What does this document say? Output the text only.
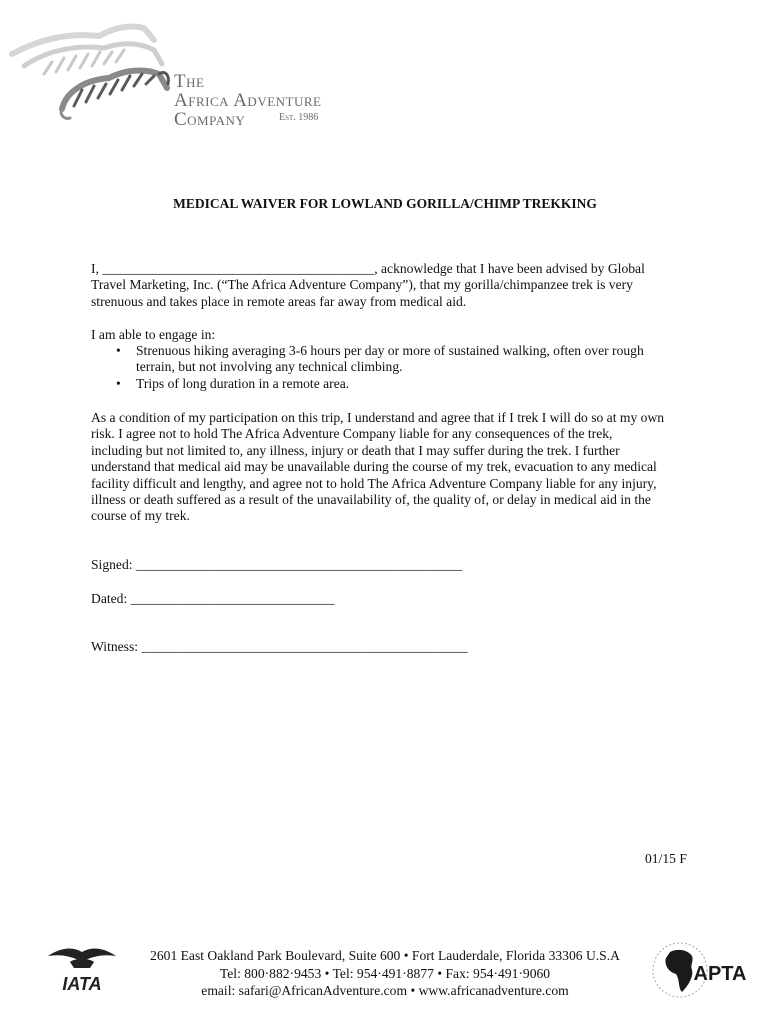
The
Africa Adventure
Company	Est. 1986
MEDICAL WAIVER FOR LOWLAND GORILLA/CHIMP TREKKING
I, ________________________________________, acknowledge that I have been advised by Global
Travel Marketing, Inc. (“The Africa Adventure Company”), that my gorilla/chimpanzee trek is very
strenuous and takes place in remote areas far away from medical aid.
I am able to engage in:
• Strenuous hiking averaging 3-6 hours per day or more of sustained walking, often over rough
terrain, but not involving any technical climbing.
• Trips of long duration in a remote area.
As a condition of my participation on this trip, I understand and agree that if I trek I will do so at my own
risk. I agree not to hold The Africa Adventure Company liable for any consequences of the trek,
including but not limited to, any illness, injury or death that I may suffer during the trek. I further
understand that medical aid may be unavailable during the course of my trek, evacuation to any medical
facility difficult and lengthy, and agree not to hold The Africa Adventure Company liable for any injury,
illness or death suffered as a result of the unavailability of, the quality of, or delay in medical aid in the
course of my trek.
Signed: ________________________________________________
Dated: ______________________________
Witness: ________________________________________________
01/15 F
IATA
2601 East Oakland Park Boulevard, Suite 600 • Fort Lauderdale, Florida 33306 U.S.A
Tel: 800·882·9453 • Tel: 954·491·8877 • Fax: 954·491·9060
email: safari@AfricanAdventure.com • www.africanadventure.com
APTA
